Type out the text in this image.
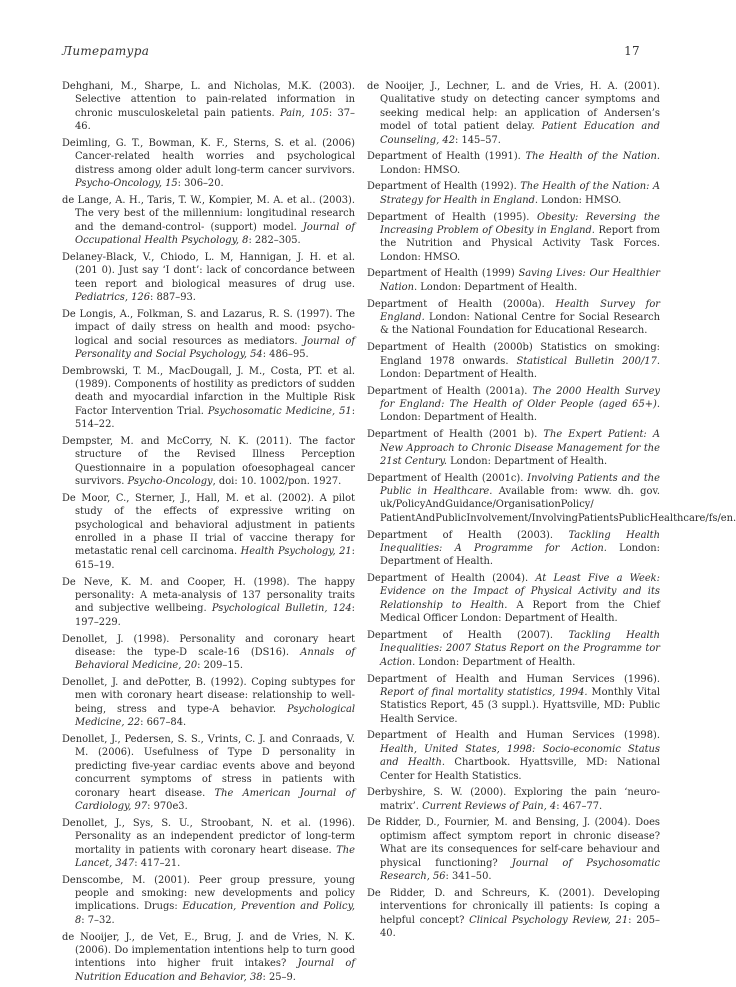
Литература	17

Dehghani, M., Sharpe, L. and Nicholas, M.K. (2003). Selective attention to pain-related information in chronic musculoskeletal pain patients. Pain, 105: 37–46.

Deimling, G. T., Bowman, K. F., Sterns, S. et al. (2006) Cancer-related health worries and psychological distress among older adult long-term cancer survivors. Psycho-Oncology, 15: 306–20.

de Lange, A. H., Taris, T. W., Kompier, M. A. et al.. (2003). The very best of the millennium: longitudinal research and the demand-control- (support) model. Journal of Occupational Health Psychology, 8: 282–305.

Delaney-Black, V., Chiodo, L. M, Hannigan, J. H. et al. (201 0). Just say ‘I dont’: lack of concordance between teen report and biological measures of drug use. Pediatrics, 126: 887–93.

De Longis, A., Folkman, S. and Lazarus, R. S. (1997). The impact of daily stress on health and mood: psycho- logical and social resources as mediators. Journal of Personality and Social Psychology, 54: 486–95.

Dembrowski, T. M., MacDougall, J. M., Costa, PT. et al. (1989). Components of hostility as predictors of sudden death and myocardial infarction in the Multiple Risk Factor Intervention Trial. Psychosomatic Medicine, 51: 514–22.

Dempster, M. and McCorry, N. K. (2011). The factor structure of the Revised Illness Perception Questionnaire in a population ofoesophageal cancer survivors. Psycho-Oncology, doi: 10. 1002/pon. 1927.

De Moor, C., Sterner, J., Hall, M. et al. (2002). A pilot study of the effects of expressive writing on psychological and behavioral adjustment in patients enrolled in a phase II trial of vaccine therapy for metastatic renal cell carcinoma. Health Psychology, 21: 615–19.

De Neve, K. M. and Cooper, H. (1998). The happy personality: A meta-analysis of 137 personality traits and subjective wellbeing. Psychological Bulletin, 124: 197–229.

Denollet, J. (1998). Personality and coronary heart disease: the type-D scale-16 (DS16). Annals of Behavioral Medicine, 20: 209–15.

Denollet, J. and dePotter, B. (1992). Coping subtypes for men with coronary heart disease: relationship to well- being, stress and type-A behavior. Psychological Medicine, 22: 667–84.

Denollet, J., Pedersen, S. S., Vrints, C. J. and Conraads, V. M. (2006). Usefulness of Type D personality in predicting five-year cardiac events above and beyond concurrent symptoms of stress in patients with coronary heart disease. The American Journal of Cardiology, 97: 970e3.

Denollet, J., Sys, S. U., Stroobant, N. et al. (1996). Personality as an independent predictor of long-term mortality in patients with coronary heart disease. The Lancet, 347: 417–21.

Denscombe, M. (2001). Peer group pressure, young people and smoking: new developments and policy implications. Drugs: Education, Prevention and Policy, 8: 7–32.

de Nooijer, J., de Vet, E., Brug, J. and de Vries, N. K. (2006). Do implementation intentions help to turn good intentions into higher fruit intakes? Journal of Nutrition Education and Behavior, 38: 25–9.

de Nooijer, J., Lechner, L. and de Vries, H. A. (2001). Qualitative study on detecting cancer symptoms and seeking medical help: an application of Andersen’s model of total patient delay. Patient Education and Counseling, 42: 145–57.

Department of Health (1991). The Health of the Nation. London: HMSO.

Department of Health (1992). The Health of the Nation: A Strategy for Health in England. London: HMSO.

Department of Health (1995). Obesity: Reversing the Increasing Problem of Obesity in England. Report from the Nutrition and Physical Activity Task Forces. London: HMSO.

Department of Health (1999) Saving Lives: Our Healthier Nation. London: Department of Health.

Department of Health (2000a). Health Survey for England. London: National Centre for Social Research & the National Foundation for Educational Research.

Department of Health (2000b) Statistics on smoking: England 1978 onwards. Statistical Bulletin 200/17. London: Department of Health.

Department of Health (2001a). The 2000 Health Survey for England: The Health of Older People (aged 65+). London: Department of Health.

Department of Health (2001 b). The Expert Patient: A New Approach to Chronic Disease Management for the 21st Century. London: Department of Health.

Department of Health (2001c). Involving Patients and the Public in Healthcare. Available from: www. dh. gov. uk/PolicyAndGuidance/OrganisationPolicy/ PatientAndPublicInvolvement/InvolvingPatientsPublicHealthcare/fs/en.

Department of Health (2003). Tackling Health Inequalities: A Programme for Action. London: Department of Health.

Department of Health (2004). At Least Five a Week: Evidence on the Impact of Physical Activity and its Relationship to Health. A Report from the Chief Medical Officer London: Department of Health.

Department of Health (2007). Tackling Health Inequalities: 2007 Status Report on the Programme tor Action. London: Department of Health.

Department of Health and Human Services (1996). Report of final mortality statistics, 1994. Monthly Vital Statistics Report, 45 (3 suppl.). Hyattsville, MD: Public Health Service.

Department of Health and Human Services (1998). Health, United States, 1998: Socio-economic Status and Health. Chartbook. Hyattsville, MD: National Center for Health Statistics.

Derbyshire, S. W. (2000). Exploring the pain ‘neuro-matrix’. Current Reviews of Pain, 4: 467–77.

De Ridder, D., Fournier, M. and Bensing, J. (2004). Does optimism affect symptom report in chronic disease? What are its consequences for self-care behaviour and physical functioning? Journal of Psychosomatic Research, 56: 341–50.

De Ridder, D. and Schreurs, K. (2001). Developing interventions for chronically ill patients: Is coping a helpful concept? Clinical Psychology Review, 21: 205–40.
